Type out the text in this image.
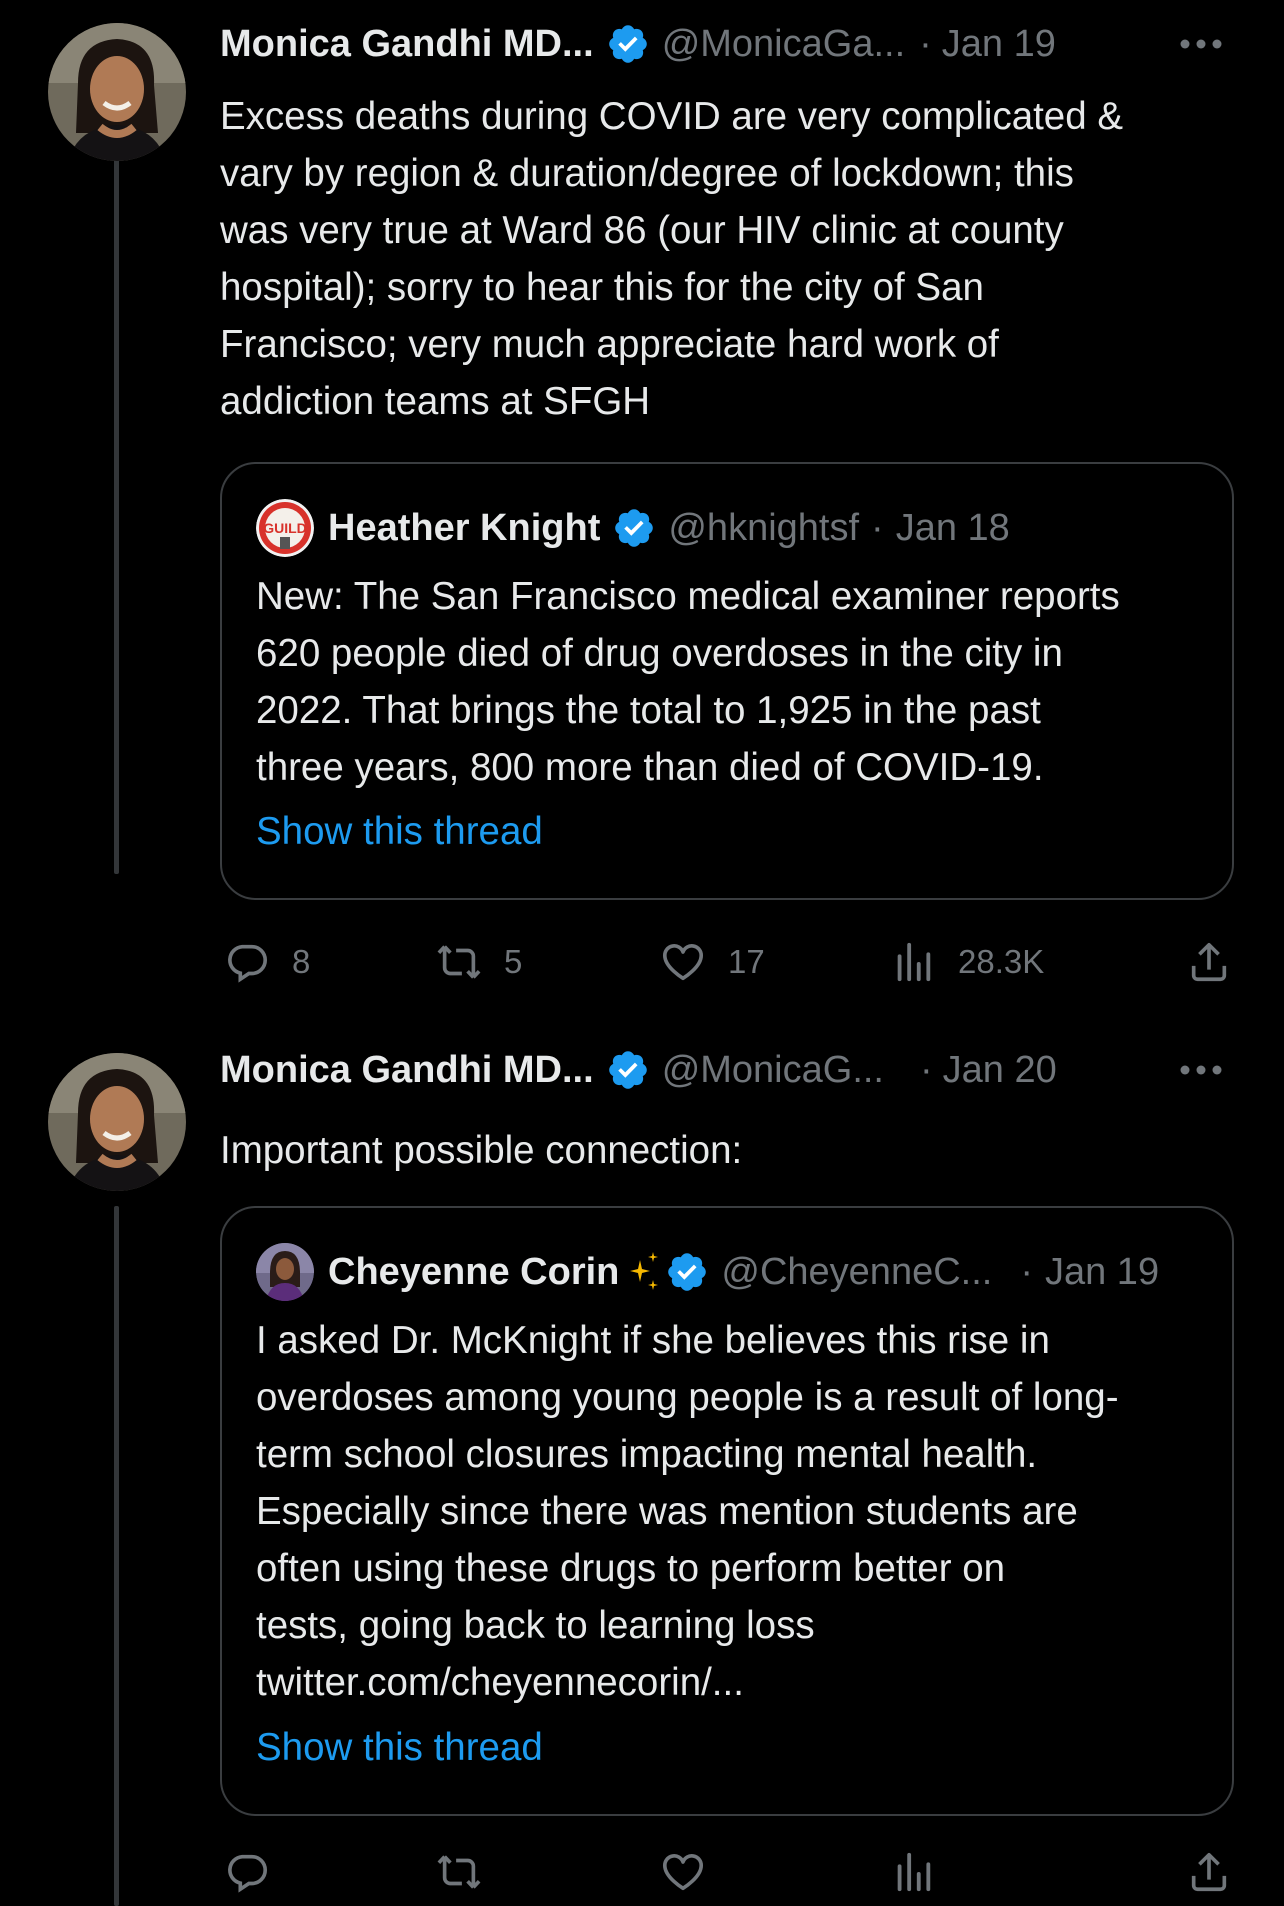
Monica Gandhi MD... @MonicaGa... · Jan 19
Excess deaths during COVID are very complicated &
vary by region & duration/degree of lockdown; this
was very true at Ward 86 (our HIV clinic at county
hospital); sorry to hear this for the city of San
Francisco; very much appreciate hard work of
addiction teams at SFGH
GUILD Heather Knight @hknightsf · Jan 18
New: The San Francisco medical examiner reports
620 people died of drug overdoses in the city in
2022. That brings the total to 1,925 in the past
three years, 800 more than died of COVID-19.
Show this thread
8	5	17	28.3K
Monica Gandhi MD... @MonicaG... · Jan 20
Important possible connection:
Cheyenne Corin	@CheyenneC... · Jan 19
I asked Dr. McKnight if she believes this rise in
overdoses among young people is a result of long-
term school closures impacting mental health.
Especially since there was mention students are
often using these drugs to perform better on
tests, going back to learning loss
twitter.com/cheyennecorin/...
Show this thread
